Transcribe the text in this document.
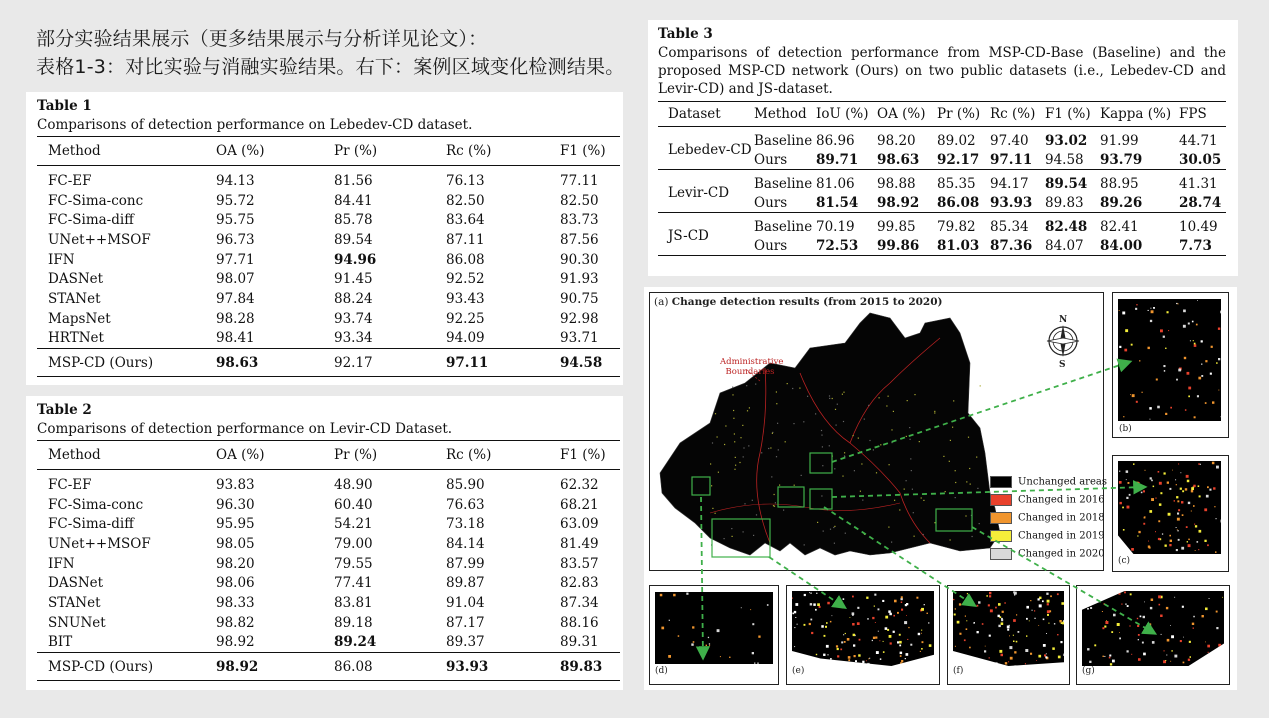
部分实验结果展示（更多结果展示与分析详见论文）：
表格1-3：对比实验与消融实验结果。右下：案例区域变化检测结果。

Table 1

Comparisons of detection performance on Lebedev-CD dataset.

Method	OA (%)	Pr (%)	Rc (%)	F1 (%)
FC-EF	94.13	81.56	76.13	77.11
FC-Sima-conc	95.72	84.41	82.50	82.50
FC-Sima-diff	95.75	85.78	83.64	83.73
UNet++MSOF	96.73	89.54	87.11	87.56
IFN	97.71	94.96	86.08	90.30
DASNet	98.07	91.45	92.52	91.93
STANet	97.84	88.24	93.43	90.75
MapsNet	98.28	93.74	92.25	92.98
HRTNet	98.41	93.34	94.09	93.71
MSP-CD (Ours)	98.63	92.17	97.11	94.58

Table 2

Comparisons of detection performance on Levir-CD Dataset.

Method	OA (%)	Pr (%)	Rc (%)	F1 (%)
FC-EF	93.83	48.90	85.90	62.32
FC-Sima-conc	96.30	60.40	76.63	68.21
FC-Sima-diff	95.95	54.21	73.18	63.09
UNet++MSOF	98.05	79.00	84.14	81.49
IFN	98.20	79.55	87.99	83.57
DASNet	98.06	77.41	89.87	82.83
STANet	98.33	83.81	91.04	87.34
SNUNet	98.82	89.18	87.17	88.16
BIT	98.92	89.24	89.37	89.31
MSP-CD (Ours)	98.92	86.08	93.93	89.83

Table 3

Comparisons of detection performance from MSP-CD-Base (Baseline) and the proposed MSP-CD network (Ours) on two public datasets (i.e., Lebedev-CD and Levir-CD) and JS-dataset.

Dataset	Method	IoU (%)	OA (%)	Pr (%)	Rc (%)	F1 (%)	Kappa (%)	FPS
Lebedev-CD	Baseline	86.96	98.20	89.02	97.40	93.02	91.99	44.71
	Ours	89.71	98.63	92.17	97.11	94.58	93.79	30.05
Levir-CD	Baseline	81.06	98.88	85.35	94.17	89.54	88.95	41.31
	Ours	81.54	98.92	86.08	93.93	89.83	89.26	28.74
JS-CD	Baseline	70.19	99.85	79.82	85.34	82.48	82.41	10.49
	Ours	72.53	99.86	81.03	87.36	84.07	84.00	7.73
(a) Change detection results (from 2015 to 2020)
N
S
Administrative
Boundaries
Unchanged areas
Changed in 2016
Changed in 2018
Changed in 2019
Changed in 2020
(b)
(c)
(d)	(e)	(f)	(g)
